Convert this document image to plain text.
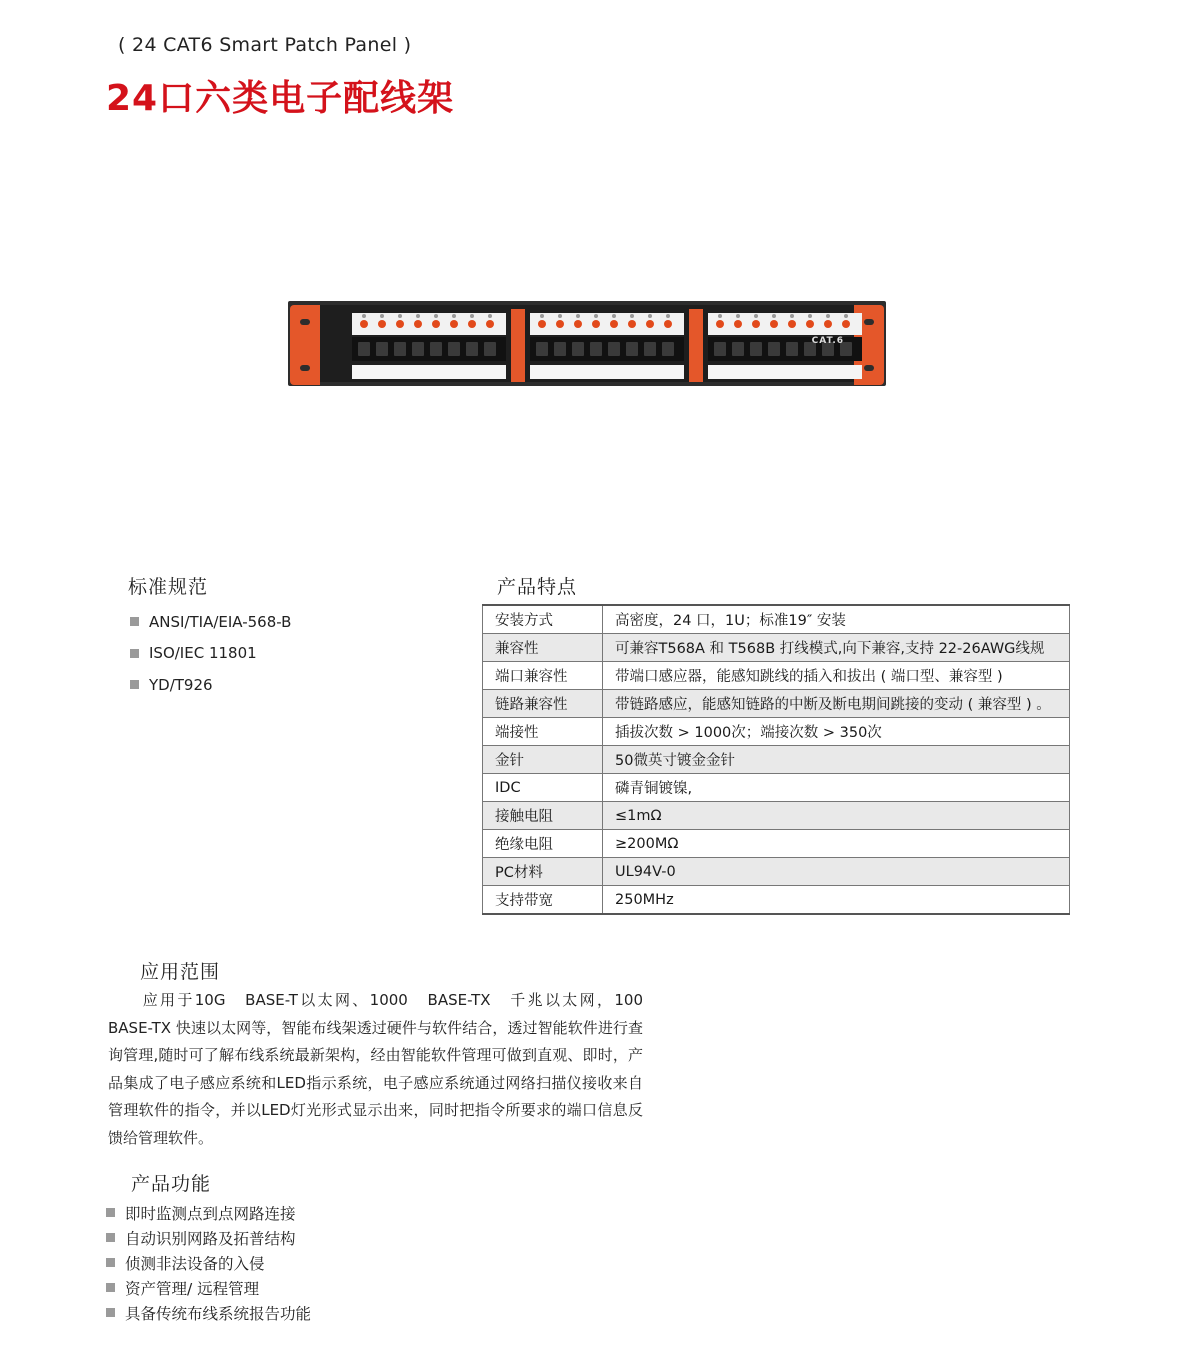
( 24 CAT6 Smart Patch Panel )
24口六类电子配线架
CAT.6
标准规范
ANSI/TIA/EIA-568-B
ISO/IEC 11801
YD/T926
产品特点
安装方式	高密度，24 口，1U；标准19″ 安装
兼容性	可兼容T568A 和 T568B 打线模式,向下兼容,支持 22-26AWG线规
端口兼容性	带端口感应器，能感知跳线的插入和拔出 ( 端口型、兼容型 )
链路兼容性	带链路感应，能感知链路的中断及断电期间跳接的变动 ( 兼容型 ) 。
端接性	插拔次数 > 1000次；端接次数 > 350次
金针	50微英寸镀金金针
IDC	磷青铜镀镍,
接触电阻	≤1mΩ
绝缘电阻	≥200MΩ
PC材料	UL94V-0
支持带宽	250MHz
应用范围

　　应用于10G　BASE-T以太网、1000　BASE-TX　千兆以太网，100　BASE-TX 快速以太网等，智能布线架透过硬件与软件结合，透过智能软件进行查询管理,随时可了解布线系统最新架构，经由智能软件管理可做到直观、即时，产品集成了电子感应系统和LED指示系统，电子感应系统通过网络扫描仪接收来自管理软件的指令，并以LED灯光形式显示出来，同时把指令所要求的端口信息反馈给管理软件。

产品功能
即时监测点到点网路连接
自动识别网路及拓普结构
侦测非法设备的入侵
资产管理/ 远程管理
具备传统布线系统报告功能
